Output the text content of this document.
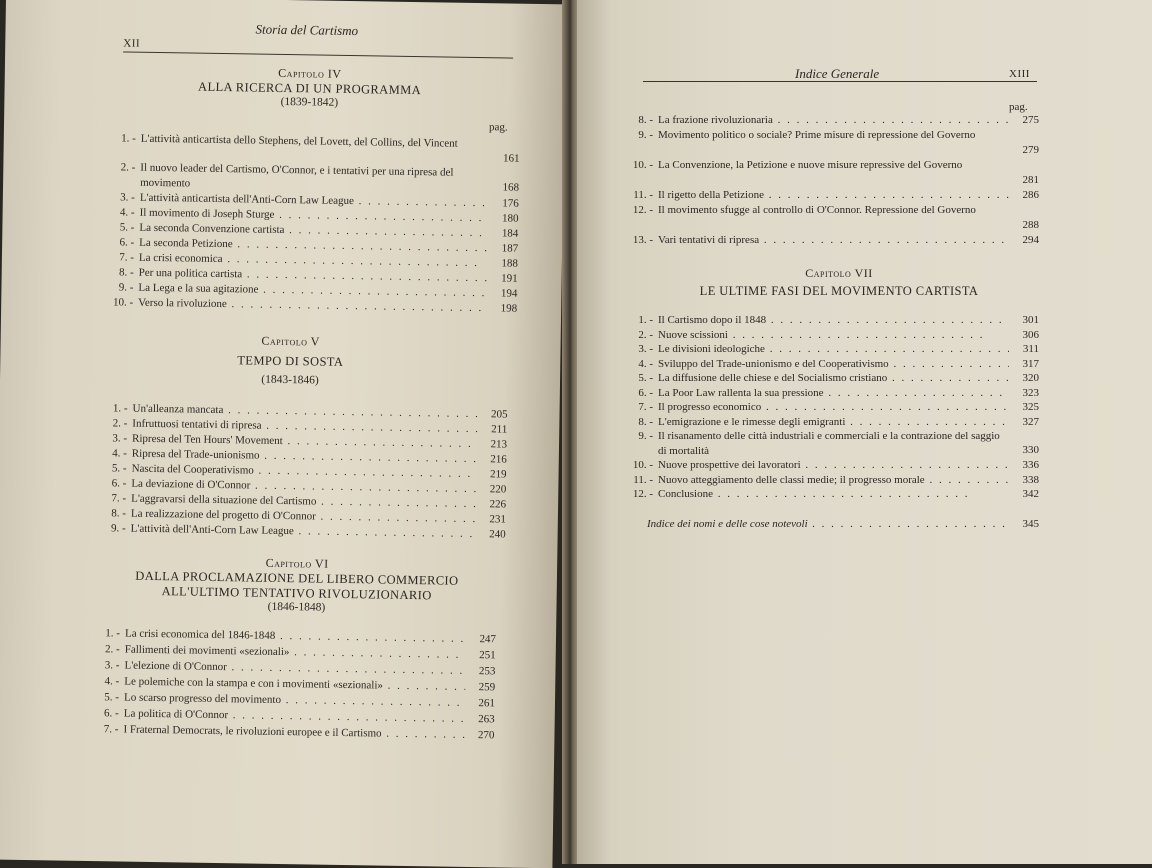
XII
Storia del Cartismo
Capitolo IV
ALLA RICERCA DI UN PROGRAMMA
(1839-1842)
pag.
1. - L'attività anticartista dello Stephens, del Lovett, del Collins, del Vincent
161
2. - Il nuovo leader del Cartismo, O'Connor, e i tentativi per una ripresa del movimento	168
3. - L'attività anticartista dell'Anti-Corn Law League . .	176
4. - Il movimento di Joseph Sturge . .	180
5. - La seconda Convenzione cartista . .	184
6. - La seconda Petizione . .	187
7. - La crisi economica . .	188
8. - Per una politica cartista . .	191
9. - La Lega e la sua agitazione . .	194
10. - Verso la rivoluzione . .	198
Capitolo V
TEMPO DI SOSTA
(1843-1846)
1. - Un'alleanza mancata . .	205
2. - Infruttuosi tentativi di ripresa . .	211
3. - Ripresa del Ten Hours' Movement . .	213
4. - Ripresa del Trade-unionismo . .	216
5. - Nascita del Cooperativismo . .	219
6. - La deviazione di O'Connor . .	220
7. - L'aggravarsi della situazione del Cartismo . .	226
8. - La realizzazione del progetto di O'Connor . .	231
9. - L'attività dell'Anti-Corn Law League . .	240
Capitolo VI
DALLA PROCLAMAZIONE DEL LIBERO COMMERCIO ALL'ULTIMO TENTATIVO RIVOLUZIONARIO
(1846-1848)
1. - La crisi economica del 1846-1848 . .	247
2. - Fallimenti dei movimenti «sezionali» . .	251
3. - L'elezione di O'Connor . .	253
4. - Le polemiche con la stampa e con i movimenti «sezionali» . .	259
5. - Lo scarso progresso del movimento . .	261
6. - La politica di O'Connor . .	263
7. - I Fraternal Democrats, le rivoluzioni europee e il Cartismo . .	270
Indice Generale	XIII
pag.
8. - La frazione rivoluzionaria . .	275
9. - Movimento politico o sociale? Prime misure di repressione del Governo
279
10. - La Convenzione, la Petizione e nuove misure repressive del Governo
281
11. - Il rigetto della Petizione . .	286
12. - Il movimento sfugge al controllo di O'Connor. Repressione del Governo
288
13. - Vari tentativi di ripresa . .	294
Capitolo VII
LE ULTIME FASI DEL MOVIMENTO CARTISTA
1. - Il Cartismo dopo il 1848 . .	301
2. - Nuove scissioni . .	306
3. - Le divisioni ideologiche . .	311
4. - Sviluppo del Trade-unionismo e del Cooperativismo . .	317
5. - La diffusione delle chiese e del Socialismo cristiano . .	320
6. - La Poor Law rallenta la sua pressione . .	323
7. - Il progresso economico . .	325
8. - L'emigrazione e le rimesse degli emigranti . .	327
9. - Il risanamento delle città industriali e commerciali e la contrazione del saggio di mortalità	330
10. - Nuove prospettive dei lavoratori . .	336
11. - Nuovo atteggiamento delle classi medie; il progresso morale . .	338
12. - Conclusione . .	342
Indice dei nomi e delle cose notevoli . .	345
